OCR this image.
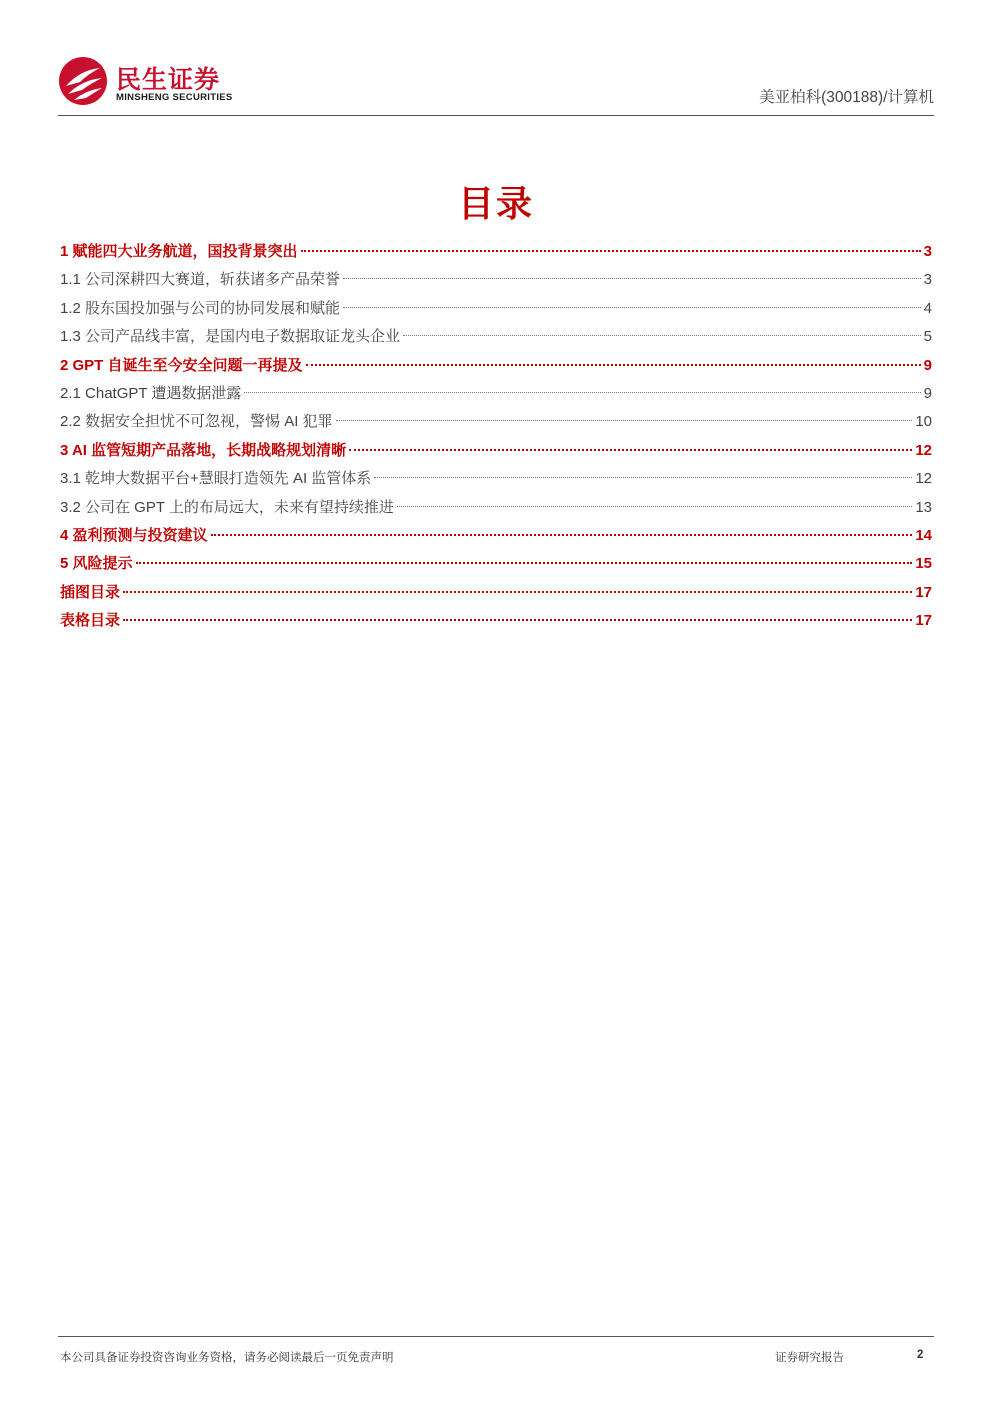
民生证券
MINSHENG SECURITIES	美亚柏科(300188)/计算机
目录
1 赋能四大业务航道，国投背景突出	3
1.1 公司深耕四大赛道，斩获诸多产品荣誉	3
1.2 股东国投加强与公司的协同发展和赋能	4
1.3 公司产品线丰富，是国内电子数据取证龙头企业	5
2 GPT 自诞生至今安全问题一再提及	9
2.1 ChatGPT 遭遇数据泄露	9
2.2 数据安全担忧不可忽视，警惕 AI 犯罪	10
3 AI 监管短期产品落地，长期战略规划清晰	12
3.1 乾坤大数据平台+慧眼打造领先 AI 监管体系	12
3.2 公司在 GPT 上的布局远大，未来有望持续推进	13
4 盈利预测与投资建议	14
5 风险提示	15
插图目录	17
表格目录	17
本公司具备证券投资咨询业务资格，请务必阅读最后一页免责声明	证券研究报告	2
